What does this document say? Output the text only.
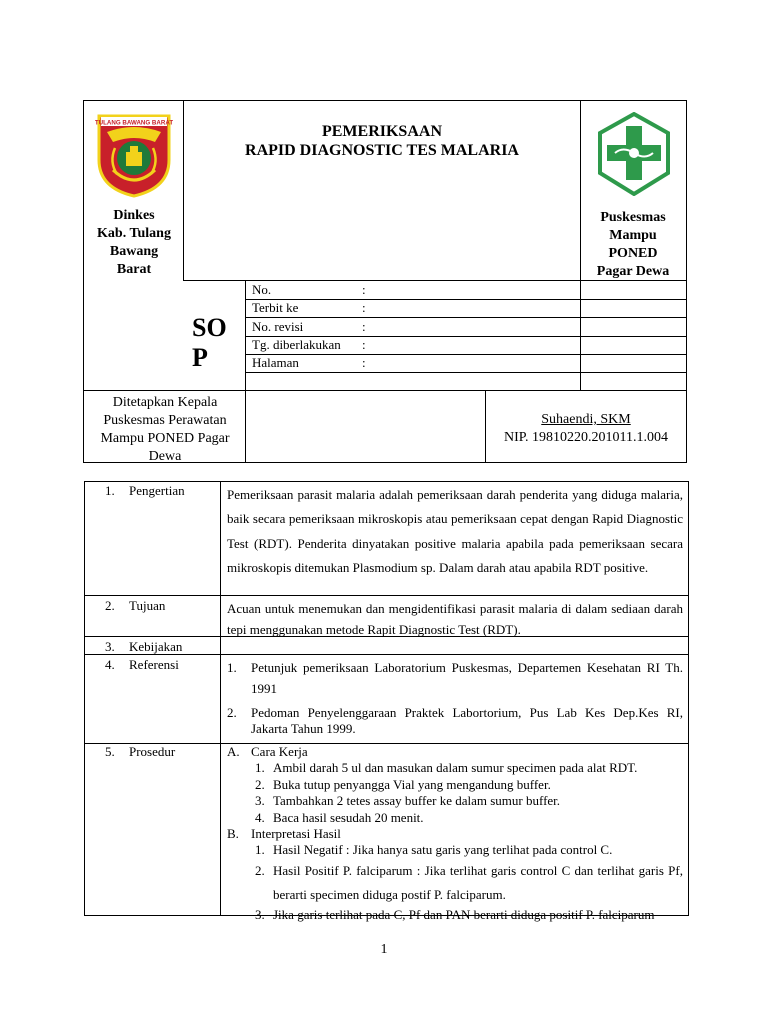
TULANG BAWANG BARAT
Dinkes
Kab. Tulang
Bawang
Barat
PEMERIKSAAN
RAPID DIAGNOSTIC TES MALARIA
Puskesmas
Mampu
PONED
Pagar Dewa
SO
P
No.	:
Terbit ke	:
No. revisi	:
Tg. diberlakukan :
Halaman	:
Ditetapkan Kepala
Puskesmas Perawatan
Mampu PONED Pagar
Dewa
Suhaendi, SKM
NIP. 19810220.201011.1.004
1. Pengertian	Pemeriksaan parasit malaria adalah pemeriksaan darah penderita yang diduga malaria, baik secara pemeriksaan mikroskopis atau pemeriksaan cepat dengan Rapid Diagnostic Test (RDT). Penderita dinyatakan positive malaria apabila pada pemeriksaan secara mikroskopis ditemukan Plasmodium sp. Dalam darah atau apabila RDT positive.
2. Tujuan	Acuan untuk menemukan dan mengidentifikasi parasit malaria di dalam sediaan darah tepi menggunakan metode Rapit Diagnostic Test (RDT).
3. Kebijakan
4. Referensi	1. Petunjuk pemeriksaan Laboratorium Puskesmas, Departemen Kesehatan RI Th. 1991
2. Pedoman Penyelenggaraan Praktek Labortorium, Pus Lab Kes Dep.Kes RI, Jakarta Tahun 1999.
5. Prosedur	A. Cara Kerja
1. Ambil darah 5 ul dan masukan dalam sumur specimen pada alat RDT.
2. Buka tutup penyangga Vial yang mengandung buffer.
3. Tambahkan 2 tetes assay buffer ke dalam sumur buffer.
4. Baca hasil sesudah 20 menit.
B. Interpretasi Hasil
1. Hasil Negatif : Jika hanya satu garis yang terlihat pada control C.
2. Hasil Positif P. falciparum : Jika terlihat garis control C dan terlihat garis Pf, berarti specimen diduga postif P. falciparum.
3. Jika garis terlihat pada C, Pf dan PAN berarti diduga positif P. falciparum
1
